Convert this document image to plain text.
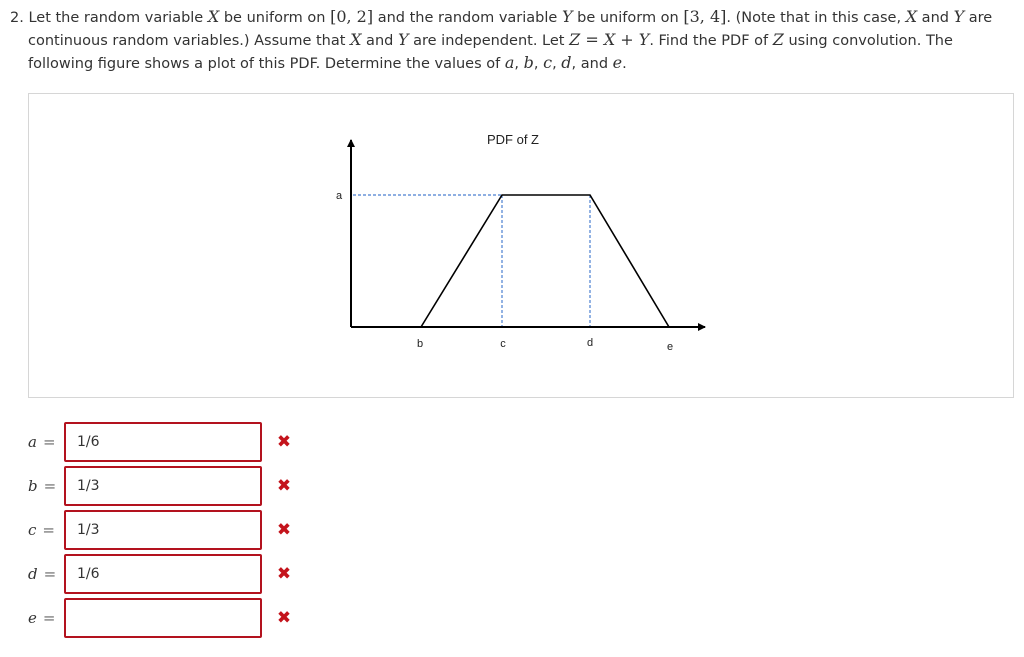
2. Let the random variable X be uniform on [0, 2] and the random variable Y be uniform on [3, 4]. (Note that in this case, X and Y are
continuous random variables.) Assume that X and Y are independent. Let Z = X + Y. Find the PDF of Z using convolution. The
following figure shows a plot of this PDF. Determine the values of a, b, c, d, and e.
PDF of Z
a
b	c	d	e
a =
1/6	✖
b =
1/3	✖
c =
1/3	✖
d =
1/6	✖
e =	✖
